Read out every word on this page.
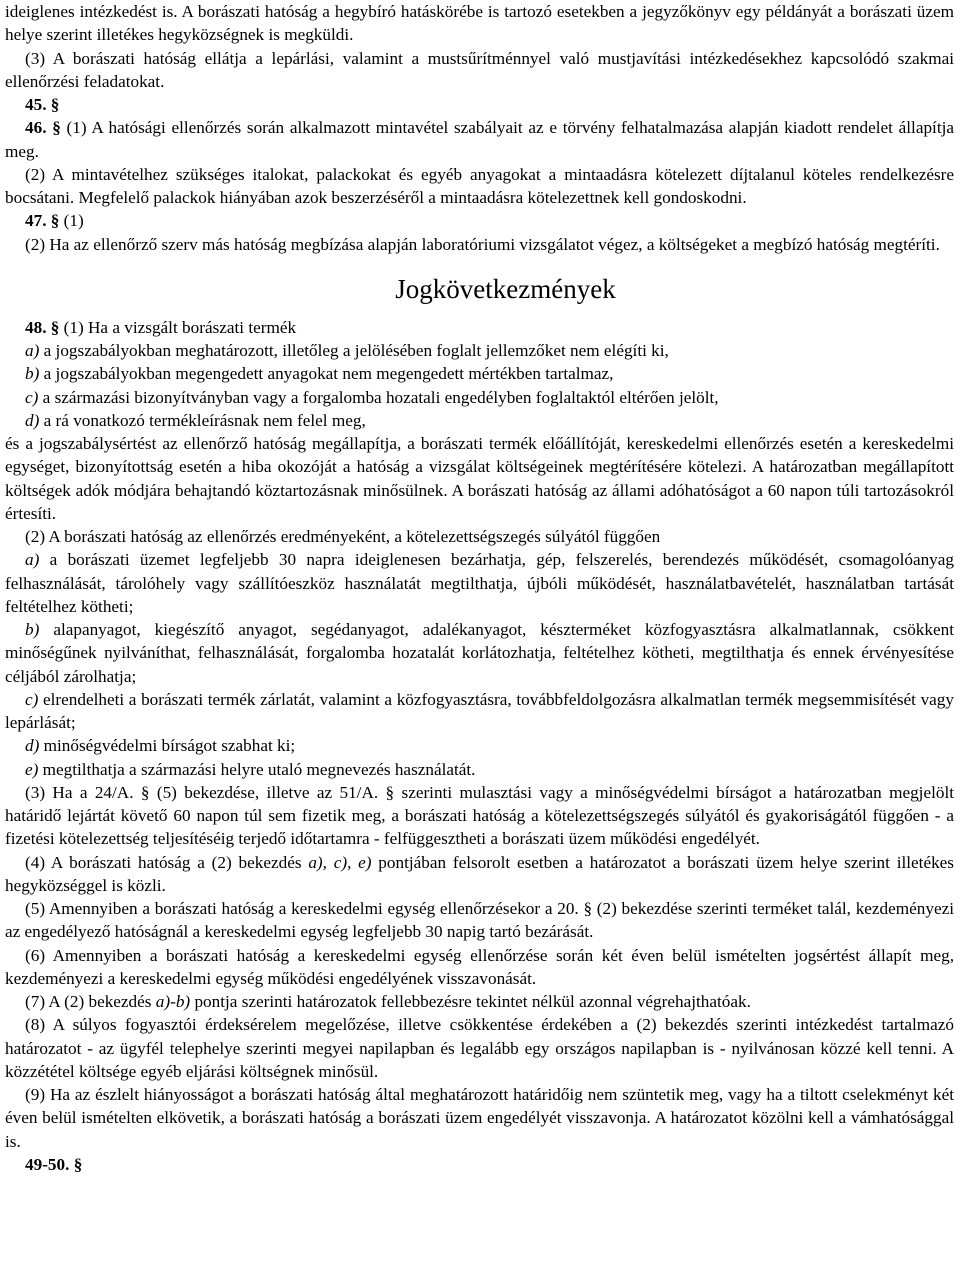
ideiglenes intézkedést is. A borászati hatóság a hegybíró hatáskörébe is tartozó esetekben a jegyzőkönyv egy példányát a borászati üzem helye szerint illetékes hegyközségnek is megküldi.

(3) A borászati hatóság ellátja a lepárlási, valamint a mustsűrítménnyel való mustjavítási intézkedésekhez kapcsolódó szakmai ellenőrzési feladatokat.

45. §

46. § (1) A hatósági ellenőrzés során alkalmazott mintavétel szabályait az e törvény felhatalmazása alapján kiadott rendelet állapítja meg.

(2) A mintavételhez szükséges italokat, palackokat és egyéb anyagokat a mintaadásra kötelezett díjtalanul köteles rendelkezésre bocsátani. Megfelelő palackok hiányában azok beszerzéséről a mintaadásra kötelezettnek kell gondoskodni.

47. § (1)

(2) Ha az ellenőrző szerv más hatóság megbízása alapján laboratóriumi vizsgálatot végez, a költségeket a megbízó hatóság megtéríti.

Jogkövetkezmények

48. § (1) Ha a vizsgált borászati termék

a) a jogszabályokban meghatározott, illetőleg a jelölésében foglalt jellemzőket nem elégíti ki,

b) a jogszabályokban megengedett anyagokat nem megengedett mértékben tartalmaz,

c) a származási bizonyítványban vagy a forgalomba hozatali engedélyben foglaltaktól eltérően jelölt,

d) a rá vonatkozó termékleírásnak nem felel meg,

és a jogszabálysértést az ellenőrző hatóság megállapítja, a borászati termék előállítóját, kereskedelmi ellenőrzés esetén a kereskedelmi egységet, bizonyítottság esetén a hiba okozóját a hatóság a vizsgálat költségeinek megtérítésére kötelezi. A határozatban megállapított költségek adók módjára behajtandó köztartozásnak minősülnek. A borászati hatóság az állami adóhatóságot a 60 napon túli tartozásokról értesíti.

(2) A borászati hatóság az ellenőrzés eredményeként, a kötelezettségszegés súlyától függően

a) a borászati üzemet legfeljebb 30 napra ideiglenesen bezárhatja, gép, felszerelés, berendezés működését, csomagolóanyag felhasználását, tárolóhely vagy szállítóeszköz használatát megtilthatja, újbóli működését, használatbavételét, használatban tartását feltételhez kötheti;

b) alapanyagot, kiegészítő anyagot, segédanyagot, adalékanyagot, készterméket közfogyasztásra alkalmatlannak, csökkent minőségűnek nyilváníthat, felhasználását, forgalomba hozatalát korlátozhatja, feltételhez kötheti, megtilthatja és ennek érvényesítése céljából zárolhatja;

c) elrendelheti a borászati termék zárlatát, valamint a közfogyasztásra, továbbfeldolgozásra alkalmatlan termék megsemmisítését vagy lepárlását;

d) minőségvédelmi bírságot szabhat ki;

e) megtilthatja a származási helyre utaló megnevezés használatát.

(3) Ha a 24/A. § (5) bekezdése, illetve az 51/A. § szerinti mulasztási vagy a minőségvédelmi bírságot a határozatban megjelölt határidő lejártát követő 60 napon túl sem fizetik meg, a borászati hatóság a kötelezettségszegés súlyától és gyakoriságától függően - a fizetési kötelezettség teljesítéséig terjedő időtartamra - felfüggesztheti a borászati üzem működési engedélyét.

(4) A borászati hatóság a (2) bekezdés a), c), e) pontjában felsorolt esetben a határozatot a borászati üzem helye szerint illetékes hegyközséggel is közli.

(5) Amennyiben a borászati hatóság a kereskedelmi egység ellenőrzésekor a 20. § (2) bekezdése szerinti terméket talál, kezdeményezi az engedélyező hatóságnál a kereskedelmi egység legfeljebb 30 napig tartó bezárását.

(6) Amennyiben a borászati hatóság a kereskedelmi egység ellenőrzése során két éven belül ismételten jogsértést állapít meg, kezdeményezi a kereskedelmi egység működési engedélyének visszavonását.

(7) A (2) bekezdés a)-b) pontja szerinti határozatok fellebbezésre tekintet nélkül azonnal végrehajthatóak.

(8) A súlyos fogyasztói érdeksérelem megelőzése, illetve csökkentése érdekében a (2) bekezdés szerinti intézkedést tartalmazó határozatot - az ügyfél telephelye szerinti megyei napilapban és legalább egy országos napilapban is - nyilvánosan közzé kell tenni. A közzététel költsége egyéb eljárási költségnek minősül.

(9) Ha az észlelt hiányosságot a borászati hatóság által meghatározott határidőig nem szüntetik meg, vagy ha a tiltott cselekményt két éven belül ismételten elkövetik, a borászati hatóság a borászati üzem engedélyét visszavonja. A határozatot közölni kell a vámhatósággal is.

49-50. §
